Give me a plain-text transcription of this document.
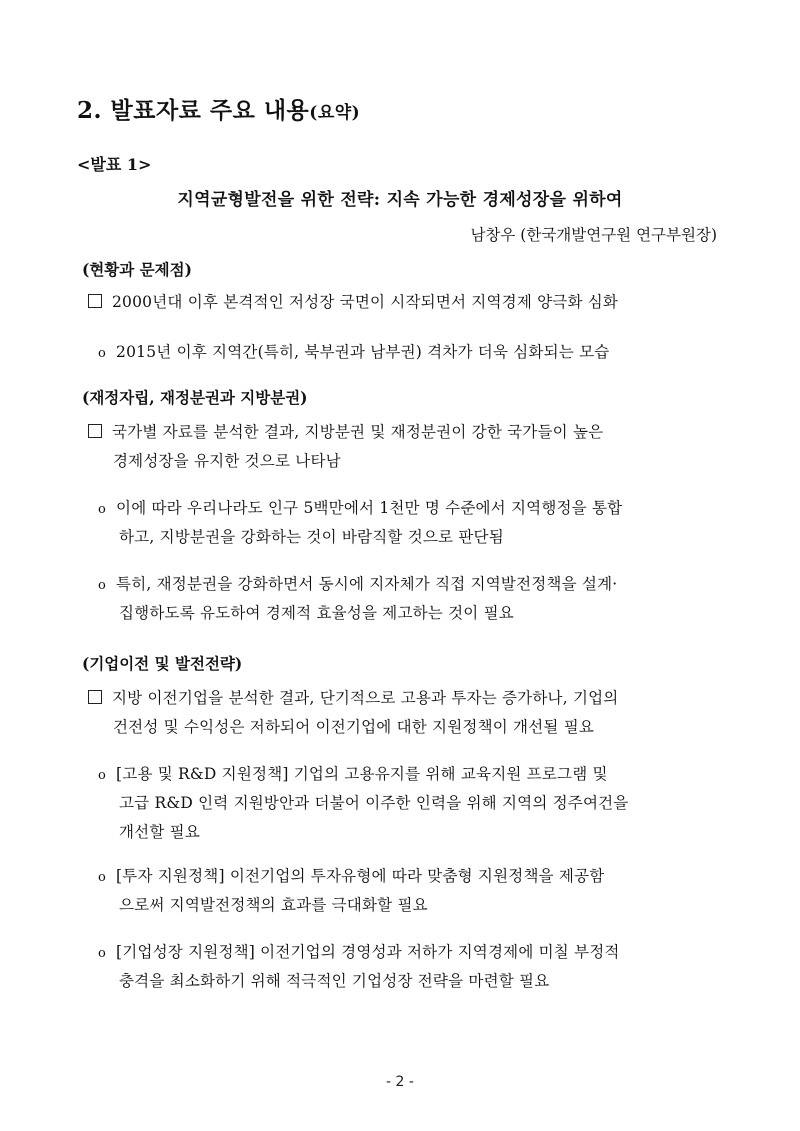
2. 발표자료 주요 내용(요약)
<발표 1>
지역균형발전을 위한 전략: 지속 가능한 경제성장을 위하여
남창우 (한국개발연구원 연구부원장)
(현황과 문제점)
2000년대 이후 본격적인 저성장 국면이 시작되면서 지역경제 양극화 심화
o 2015년 이후 지역간(특히, 북부권과 남부권) 격차가 더욱 심화되는 모습
(재정자립, 재정분권과 지방분권)
국가별 자료를 분석한 결과, 지방분권 및 재정분권이 강한 국가들이 높은
경제성장을 유지한 것으로 나타남
o 이에 따라 우리나라도 인구 5백만에서 1천만 명 수준에서 지역행정을 통합
하고, 지방분권을 강화하는 것이 바람직할 것으로 판단됨
o 특히, 재정분권을 강화하면서 동시에 지자체가 직접 지역발전정책을 설계·
집행하도록 유도하여 경제적 효율성을 제고하는 것이 필요
(기업이전 및 발전전략)
지방 이전기업을 분석한 결과, 단기적으로 고용과 투자는 증가하나, 기업의
건전성 및 수익성은 저하되어 이전기업에 대한 지원정책이 개선될 필요
o [고용 및 R&D 지원정책] 기업의 고용유지를 위해 교육지원 프로그램 및
고급 R&D 인력 지원방안과 더불어 이주한 인력을 위해 지역의 정주여건을
개선할 필요
o [투자 지원정책] 이전기업의 투자유형에 따라 맞춤형 지원정책을 제공함
으로써 지역발전정책의 효과를 극대화할 필요
o [기업성장 지원정책] 이전기업의 경영성과 저하가 지역경제에 미칠 부정적
충격을 최소화하기 위해 적극적인 기업성장 전략을 마련할 필요
- 2 -
